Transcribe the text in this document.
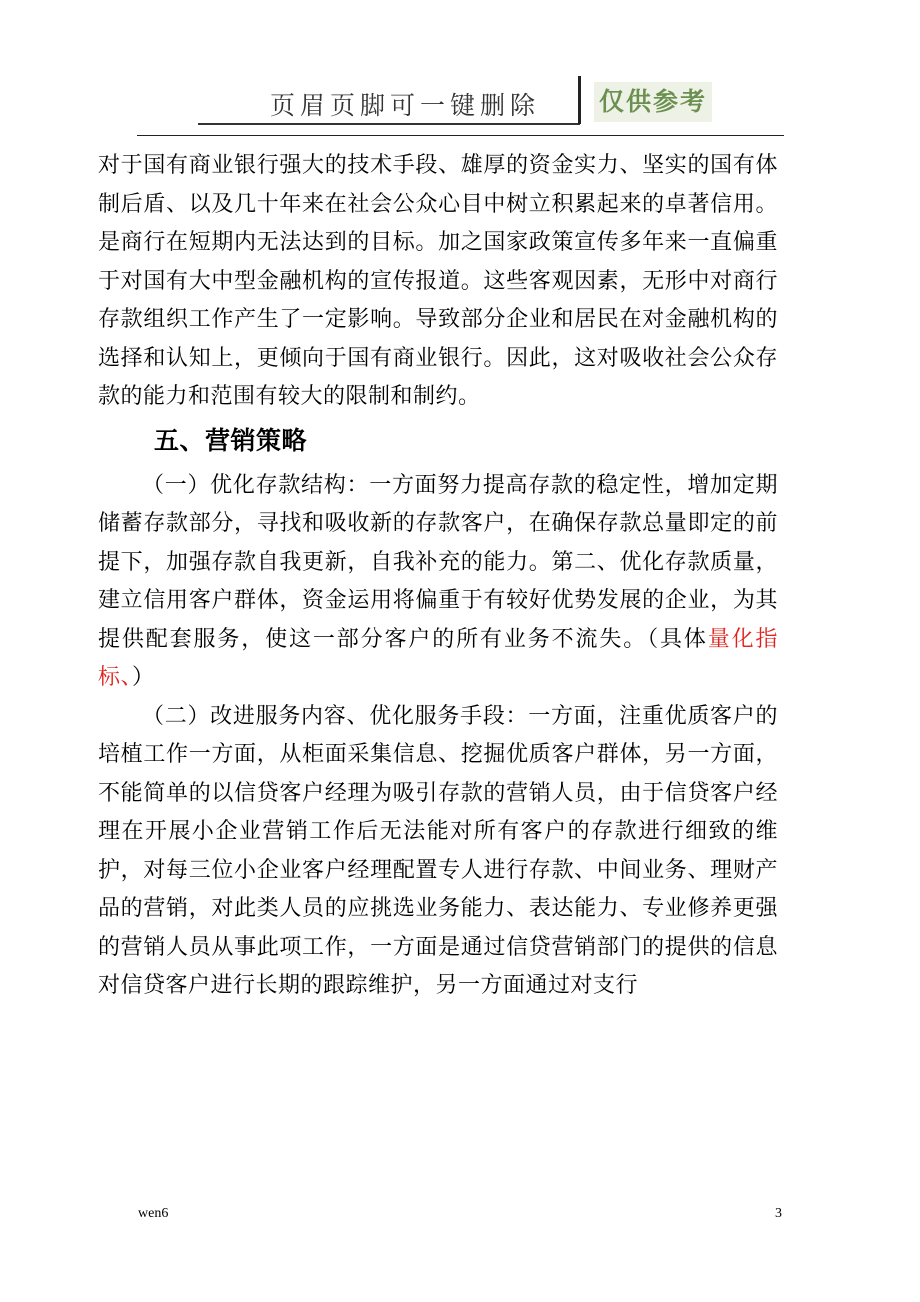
页眉页脚可一键删除 仅供参考

对于国有商业银行强大的技术手段、雄厚的资金实力、坚实的国有体制后盾、以及几十年来在社会公众心目中树立积累起来的卓著信用。是商行在短期内无法达到的目标。加之国家政策宣传多年来一直偏重于对国有大中型金融机构的宣传报道。这些客观因素，无形中对商行存款组织工作产生了一定影响。导致部分企业和居民在对金融机构的选择和认知上，更倾向于国有商业银行。因此，这对吸收社会公众存款的能力和范围有较大的限制和制约。

五、营销策略

（一）优化存款结构：一方面努力提高存款的稳定性，增加定期储蓄存款部分，寻找和吸收新的存款客户，在确保存款总量即定的前提下，加强存款自我更新，自我补充的能力。第二、优化存款质量，建立信用客户群体，资金运用将偏重于有较好优势发展的企业，为其提供配套服务，使这一部分客户的所有业务不流失。（具体量化指标、）

（二）改进服务内容、优化服务手段：一方面，注重优质客户的培植工作一方面，从柜面采集信息、挖掘优质客户群体，另一方面，不能简单的以信贷客户经理为吸引存款的营销人员，由于信贷客户经理在开展小企业营销工作后无法能对所有客户的存款进行细致的维护，对每三位小企业客户经理配置专人进行存款、中间业务、理财产品的营销，对此类人员的应挑选业务能力、表达能力、专业修养更强的营销人员从事此项工作，一方面是通过信贷营销部门的提供的信息对信贷客户进行长期的跟踪维护，另一方面通过对支行

wen6	3
